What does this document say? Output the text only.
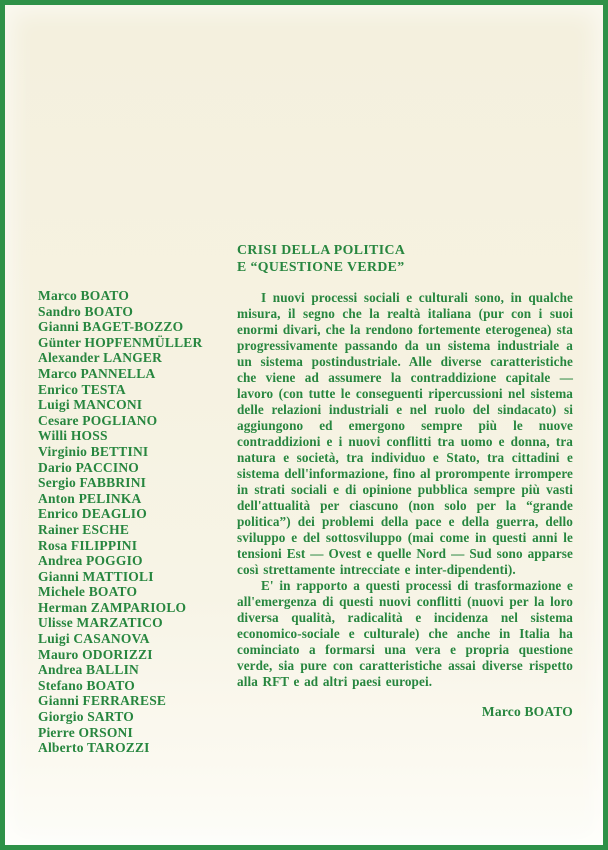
Marco BOATO
Sandro BOATO
Gianni BAGET-BOZZO
Günter HOPFENMÜLLER
Alexander LANGER
Marco PANNELLA
Enrico TESTA
Luigi MANCONI
Cesare POGLIANO
Willi HOSS
Virginio BETTINI
Dario PACCINO
Sergio FABBRINI
Anton PELINKA
Enrico DEAGLIO
Rainer ESCHE
Rosa FILIPPINI
Andrea POGGIO
Gianni MATTIOLI
Michele BOATO
Herman ZAMPARIOLO
Ulisse MARZATICO
Luigi CASANOVA
Mauro ODORIZZI
Andrea BALLIN
Stefano BOATO
Gianni FERRARESE
Giorgio SARTO
Pierre ORSONI
Alberto TAROZZI
CRISI DELLA POLITICA
E “QUESTIONE VERDE”

I nuovi processi sociali e culturali sono, in qualche misura, il segno che la realtà italiana (pur con i suoi enormi divari, che la rendono fortemente eterogenea) sta progressivamente passando da un sistema industriale a un sistema postindustriale. Alle diverse caratteristiche che viene ad assumere la contraddizione capitale — lavoro (con tutte le conseguenti ripercussioni nel sistema delle relazioni industriali e nel ruolo del sindacato) si aggiungono ed emergono sempre più le nuove contraddizioni e i nuovi conflitti tra uomo e donna, tra natura e società, tra individuo e Stato, tra cittadini e sistema dell'informazione, fino al prorompente irrompere in strati sociali e di opinione pubblica sempre più vasti dell'attualità per ciascuno (non solo per la “grande politica”) dei problemi della pace e della guerra, dello sviluppo e del sottosviluppo (mai come in questi anni le tensioni Est — Ovest e quelle Nord — Sud sono apparse così strettamente intrecciate e inter-dipendenti).

E' in rapporto a questi processi di trasformazione e all'emergenza di questi nuovi conflitti (nuovi per la loro diversa qualità, radicalità e incidenza nel sistema economico-sociale e culturale) che anche in Italia ha cominciato a formarsi una vera e propria questione verde, sia pure con caratteristiche assai diverse rispetto alla RFT e ad altri paesi europei.

Marco BOATO
